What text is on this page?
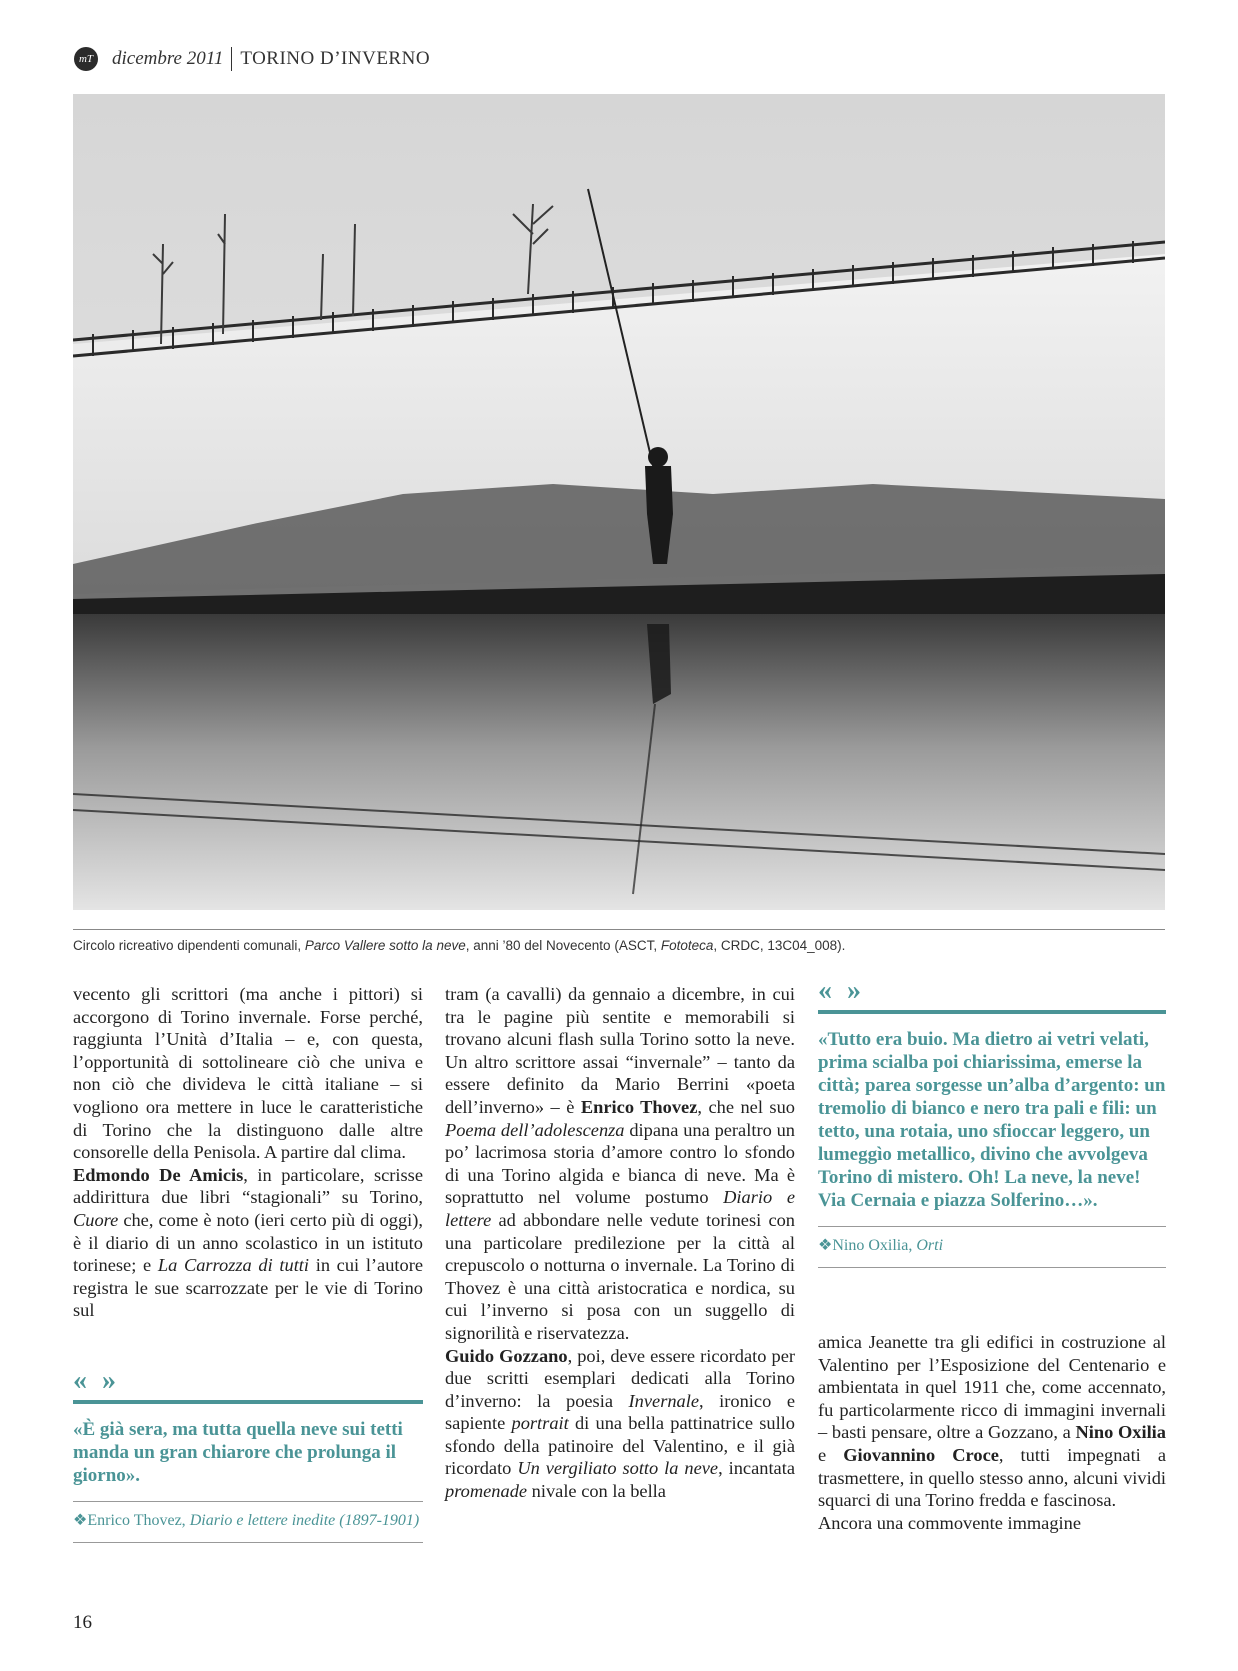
mT dicembre 2011 TORINO D’INVERNO
Circolo ricreativo dipendenti comunali, Parco Vallere sotto la neve, anni ’80 del Novecento (ASCT, Fototeca, CRDC, 13C04_008).

vecento gli scrittori (ma anche i pittori) si accorgono di Torino invernale. Forse perché, raggiunta l’Unità d’Italia – e, con questa, l’opportunità di sottolineare ciò che univa e non ciò che divideva le città italiane – si vogliono ora mettere in luce le caratteristiche di Torino che la distinguono dalle altre consorelle della Penisola. A partire dal clima.

Edmondo De Amicis, in particolare, scrisse addirittura due libri “stagionali” su Torino, Cuore che, come è noto (ieri certo più di oggi), è il diario di un anno scolastico in un istituto torinese; e La Carrozza di tutti in cui l’autore registra le sue scarrozzate per le vie di Torino sul

« »
«È già sera, ma tutta quella neve sui tetti manda un gran chiarore che prolunga il giorno».
❖Enrico Thovez, Diario e lettere inedite (1897-1901)

tram (a cavalli) da gennaio a dicembre, in cui tra le pagine più sentite e memorabili si trovano alcuni flash sulla Torino sotto la neve. Un altro scrittore assai “invernale” – tanto da essere definito da Mario Berrini «poeta dell’inverno» – è Enrico Thovez, che nel suo Poema dell’adolescenza dipana una peraltro un po’ lacrimosa storia d’amore contro lo sfondo di una Torino algida e bianca di neve. Ma è soprattutto nel volume postumo Diario e lettere ad abbondare nelle vedute torinesi con una particolare predilezione per la città al crepuscolo o notturna o invernale. La Torino di Thovez è una città aristocratica e nordica, su cui l’inverno si posa con un suggello di signorilità e riservatezza.

Guido Gozzano, poi, deve essere ricordato per due scritti esemplari dedicati alla Torino d’inverno: la poesia Invernale, ironico e sapiente portrait di una bella pattinatrice sullo sfondo della patinoire del Valentino, e il già ricordato Un vergiliato sotto la neve, incantata promenade nivale con la bella

« »
«Tutto era buio. Ma dietro ai vetri velati, prima scialba poi chiarissima, emerse la città; parea sorgesse un’alba d’argento: un tremolio di bianco e nero tra pali e fili: un tetto, una rotaia, uno sfioccar leggero, un lumeggìo metallico, divino che avvolgeva Torino di mistero. Oh! La neve, la neve! Via Cernaia e piazza Solferino…».
❖Nino Oxilia, Orti

amica Jeanette tra gli edifici in costruzione al Valentino per l’Esposizione del Centenario e ambientata in quel 1911 che, come accennato, fu particolarmente ricco di immagini invernali – basti pensare, oltre a Gozzano, a Nino Oxilia e Giovannino Croce, tutti impegnati a trasmettere, in quello stesso anno, alcuni vividi squarci di una Torino fredda e fascinosa.

Ancora una commovente immagine

16
